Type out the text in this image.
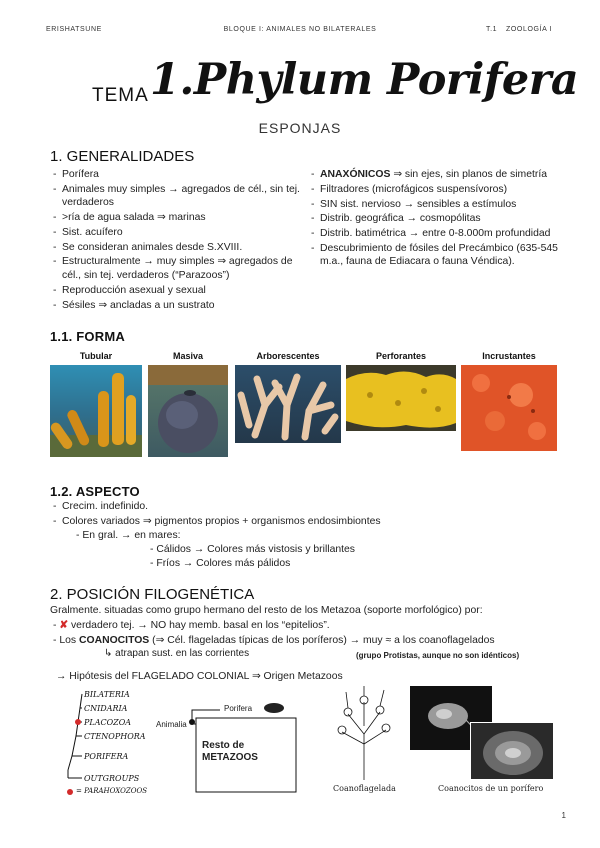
ERISHATSUNE	BLOQUE I: ANIMALES NO BILATERALES	T.1 ZOOLOGÍA I
TEMA 1.Phylum Porifera
ESPONJAS
1. GENERALIDADES
- Porífera
- Animales muy simples → agregados de cél., sin tej. verdaderos
- >ría de agua salada ⇒ marinas
- Sist. acuífero
- Se consideran animales desde S.XVIII.
- Estructuralmente → muy simples ⇒ agregados de cél., sin tej. verdaderos (“Parazoos”)
- Reproducción asexual y sexual
- Sésiles ⇒ ancladas a un sustrato
- ANAXÓNICOS ⇒ sin ejes, sin planos de simetría
- Filtradores (microfágicos suspensívoros)
- SIN sist. nervioso → sensibles a estímulos
- Distrib. geográfica → cosmopólitas
- Distrib. batimétrica → entre 0-8.000m profundidad
- Descubrimiento de fósiles del Precámbico (635-545 m.a., fauna de Ediacara o fauna Véndica).
1.1. FORMA
Tubular	Masiva	Arborescentes	Perforantes	Incrustantes
1.2. ASPECTO
- Crecim. indefinido.
- Colores variados ⇒ pigmentos propios + organismos endosimbiontes
- En gral. → en mares:
- Cálidos → Colores más vistosis y brillantes
- Fríos → Colores más pálidos
2. POSICIÓN FILOGENÉTICA
Gralmente. situadas como grupo hermano del resto de los Metazoa (soporte morfológico) por:
- ✘ verdadero tej. → NO hay memb. basal en los “epitelios”.
- Los COANOCITOS (⇒ Cél. flageladas típicas de los poríferos) → muy ≈ a los coanoflagelados
↳ atrapan sust. en las corrientes	(grupo Protistas, aunque no son idénticos)
→ Hipótesis del FLAGELADO COLONIAL ⇒ Origen Metazoos
BILATERIA
CNIDARIA
PLACOZOA
CTENOPHORA
PORIFERA
OUTGROUPS
= PARAHOXOZOOS
Porifera
Animalia
Resto de
METAZOOS
Coanoflagelada	Coanocitos de un porífero
1
